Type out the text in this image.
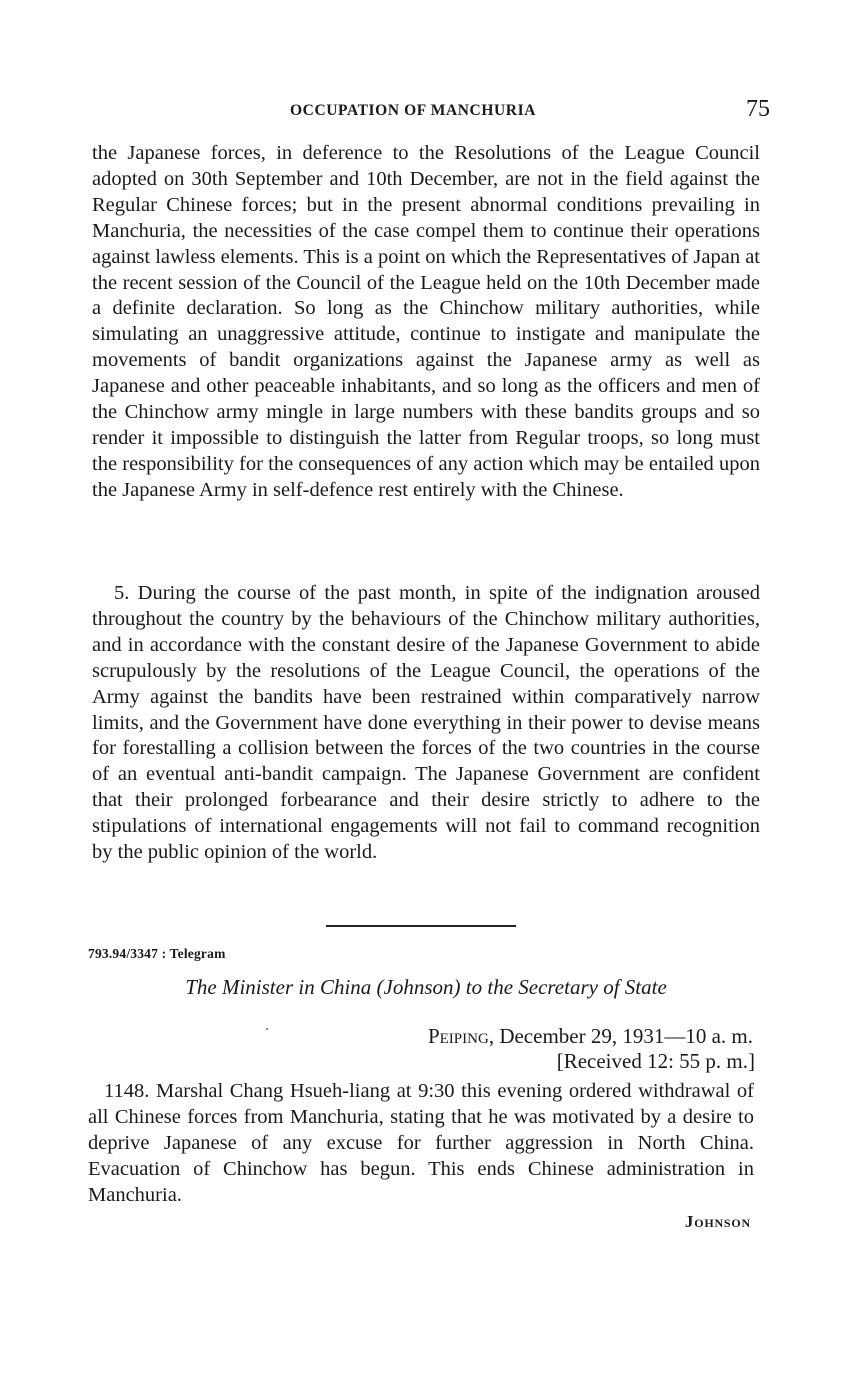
OCCUPATION OF MANCHURIA	75

the Japanese forces, in deference to the Resolutions of the League Council adopted on 30th September and 10th December, are not in the field against the Regular Chinese forces; but in the present abnormal conditions prevailing in Manchuria, the necessities of the case compel them to continue their operations against lawless elements. This is a point on which the Representatives of Japan at the recent session of the Council of the League held on the 10th December made a definite declaration. So long as the Chinchow military authorities, while simulating an unaggressive attitude, continue to instigate and manipulate the movements of bandit organizations against the Japanese army as well as Japanese and other peaceable inhabitants, and so long as the officers and men of the Chinchow army mingle in large numbers with these bandits groups and so render it impossible to distinguish the latter from Regular troops, so long must the responsibility for the consequences of any action which may be entailed upon the Japanese Army in self-defence rest entirely with the Chinese.

5. During the course of the past month, in spite of the indignation aroused throughout the country by the behaviours of the Chinchow military authorities, and in accordance with the constant desire of the Japanese Government to abide scrupulously by the resolutions of the League Council, the operations of the Army against the bandits have been restrained within comparatively narrow limits, and the Government have done everything in their power to devise means for forestalling a collision between the forces of the two countries in the course of an eventual anti-bandit campaign. The Japanese Government are confident that their prolonged forbearance and their desire strictly to adhere to the stipulations of international engagements will not fail to command recognition by the public opinion of the world.

793.94/3347 : Telegram
The Minister in China (Johnson) to the Secretary of State
Peiping, December 29, 1931—10 a. m.
[Received 12: 55 p. m.]

1148. Marshal Chang Hsueh-liang at 9:30 this evening ordered withdrawal of all Chinese forces from Manchuria, stating that he was motivated by a desire to deprive Japanese of any excuse for further aggression in North China. Evacuation of Chinchow has begun. This ends Chinese administration in Manchuria.

Johnson
